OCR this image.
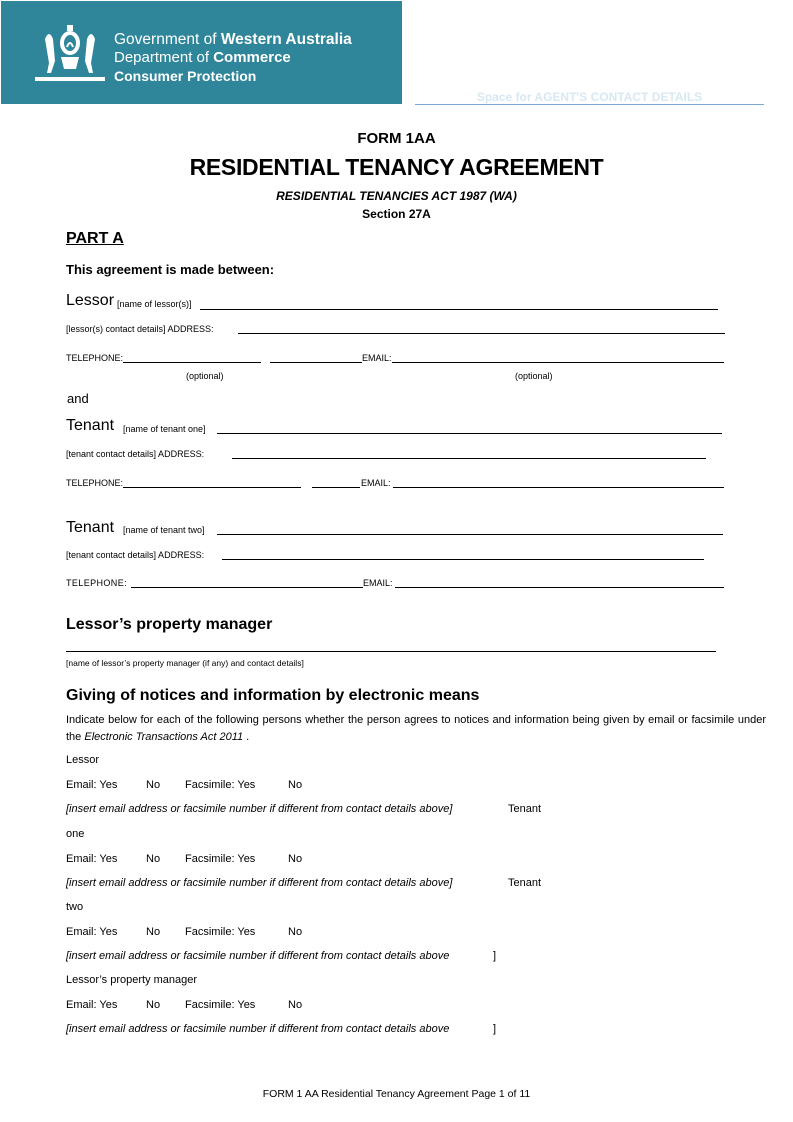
Government of Western Australia
Department of Commerce
Consumer Protection
Space for AGENT'S CONTACT DETAILS
FORM 1AA
RESIDENTIAL TENANCY AGREEMENT
RESIDENTIAL TENANCIES ACT 1987 (WA)
Section 27A
PART A
This agreement is made between:
Lessor [name of lessor(s)]
[lessor(s) contact details] ADDRESS:
TELEPHONE:	EMAIL:
(optional)	(optional)
and
Tenant [name of tenant one]
[tenant contact details] ADDRESS:
TELEPHONE:	EMAIL:
Tenant [name of tenant two]
[tenant contact details] ADDRESS:
TELEPHONE:	EMAIL:
Lessor’s property manager
[name of lessor’s property manager (if any) and contact details]
Giving of notices and information by electronic means
Indicate below for each of the following persons whether the person agrees to notices and information being given by email or facsimile under the Electronic Transactions Act 2011 .
Lessor
Email: Yes	No Facsimile: Yes	No
[insert email address or facsimile number if different from contact details above]	Tenant
one
Email: Yes	No Facsimile: Yes	No
[insert email address or facsimile number if different from contact details above]	Tenant
two
Email: Yes	No Facsimile: Yes	No
[insert email address or facsimile number if different from contact details above	]
Lessor’s property manager
Email: Yes	No Facsimile: Yes	No
[insert email address or facsimile number if different from contact details above	]
FORM 1 AA Residential Tenancy Agreement Page 1 of 11
